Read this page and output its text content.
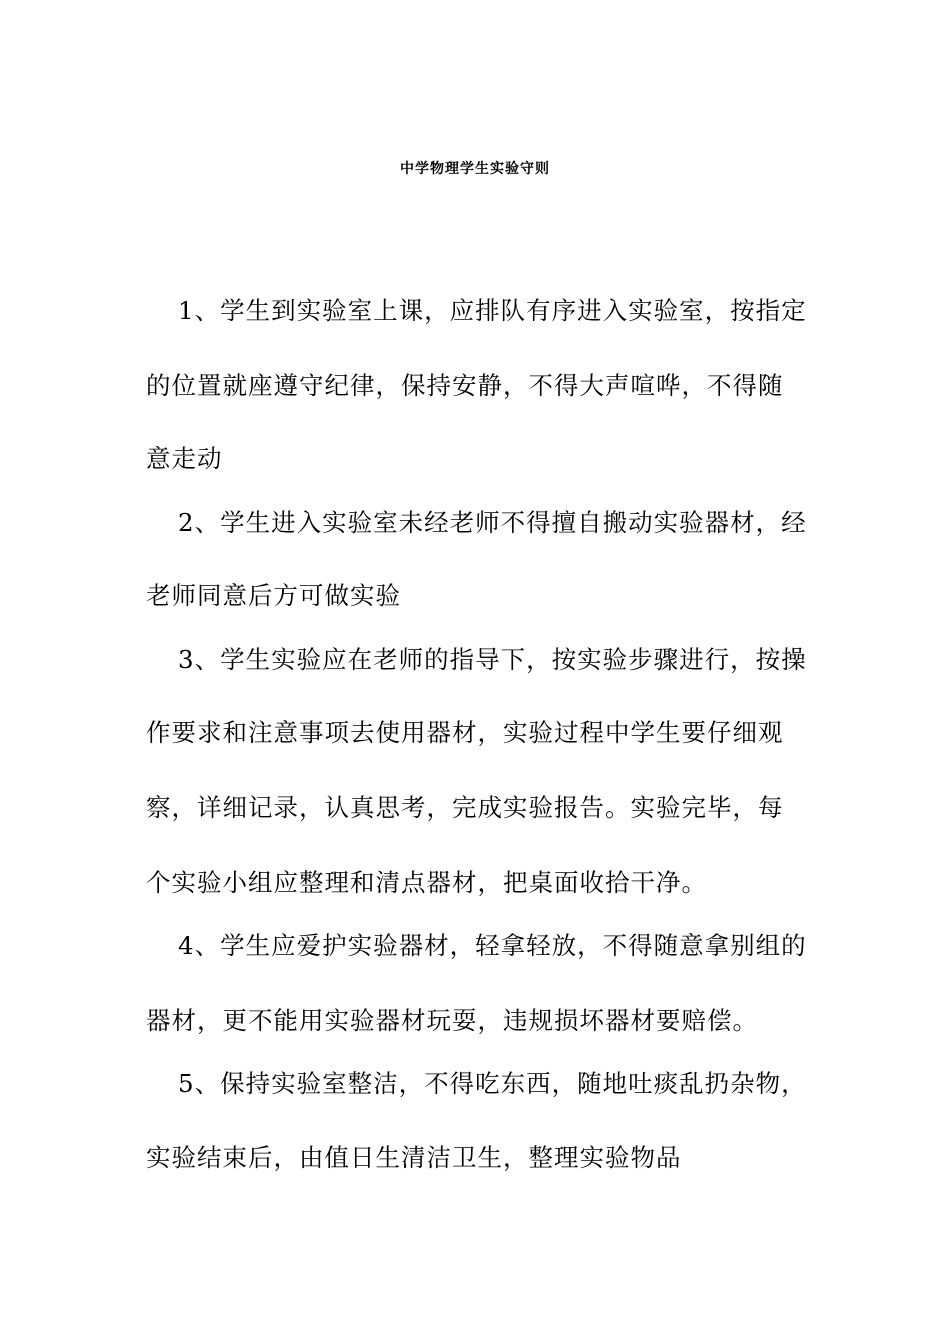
中学物理学生实验守则
1、学生到实验室上课，应排队有序进入实验室，按指定
的位置就座遵守纪律，保持安静，不得大声喧哗，不得随
意走动
2、学生进入实验室未经老师不得擅自搬动实验器材，经
老师同意后方可做实验
3、学生实验应在老师的指导下，按实验步骤进行，按操
作要求和注意事项去使用器材，实验过程中学生要仔细观
察，详细记录，认真思考，完成实验报告。实验完毕，每
个实验小组应整理和清点器材，把桌面收拾干净。
4、学生应爱护实验器材，轻拿轻放，不得随意拿别组的
器材，更不能用实验器材玩耍，违规损坏器材要赔偿。
5、保持实验室整洁，不得吃东西，随地吐痰乱扔杂物，
实验结束后，由值日生清洁卫生，整理实验物品
